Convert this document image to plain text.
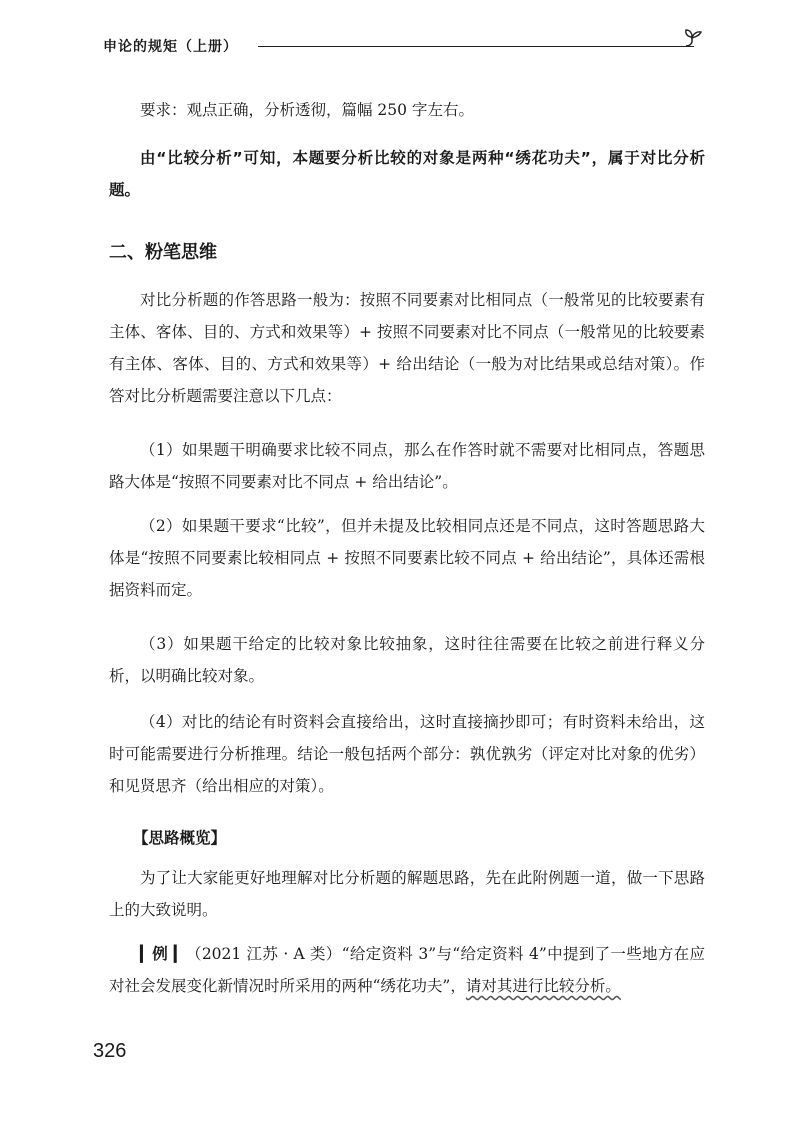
申论的规矩（上册）

要求：观点正确，分析透彻，篇幅 250 字左右。

由“比较分析”可知，本题要分析比较的对象是两种“绣花功夫”，属于对比分析题。

二、粉笔思维

对比分析题的作答思路一般为：按照不同要素对比相同点（一般常见的比较要素有主体、客体、目的、方式和效果等）+ 按照不同要素对比不同点（一般常见的比较要素有主体、客体、目的、方式和效果等）+ 给出结论（一般为对比结果或总结对策）。作答对比分析题需要注意以下几点：

（1）如果题干明确要求比较不同点，那么在作答时就不需要对比相同点，答题思路大体是“按照不同要素对比不同点 + 给出结论”。

（2）如果题干要求“比较”，但并未提及比较相同点还是不同点，这时答题思路大体是“按照不同要素比较相同点 + 按照不同要素比较不同点 + 给出结论”，具体还需根据资料而定。

（3）如果题干给定的比较对象比较抽象，这时往往需要在比较之前进行释义分析，以明确比较对象。

（4）对比的结论有时资料会直接给出，这时直接摘抄即可；有时资料未给出，这时可能需要进行分析推理。结论一般包括两个部分：孰优孰劣（评定对比对象的优劣）和见贤思齐（给出相应的对策）。

【思路概览】

为了让大家能更好地理解对比分析题的解题思路，先在此附例题一道，做一下思路上的大致说明。

▎例 ▎（2021 江苏 · A 类）“给定资料 3”与“给定资料 4”中提到了一些地方在应对社会发展变化新情况时所采用的两种“绣花功夫”，请对其进行比较分析。

326
